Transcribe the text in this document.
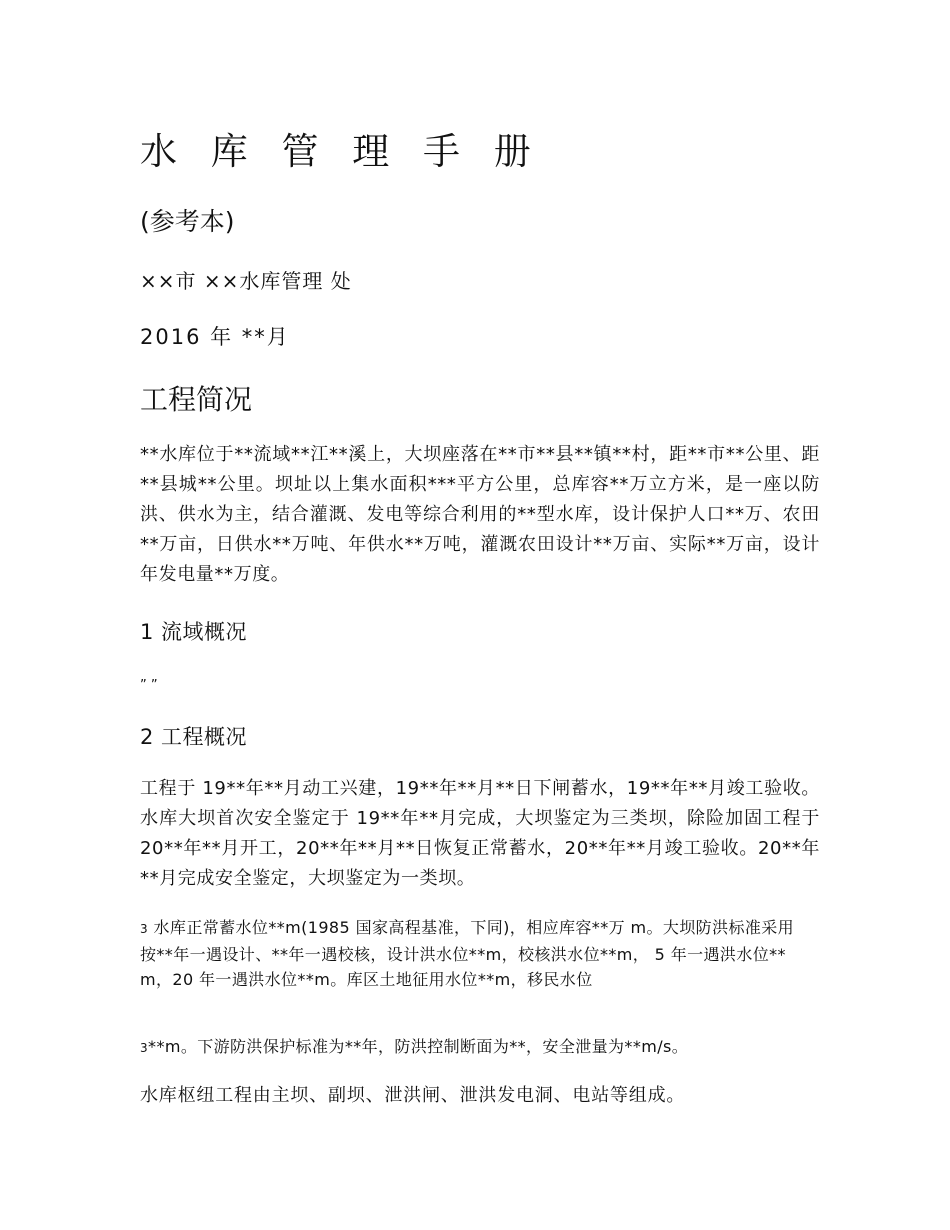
水 库 管 理 手 册
(参考本)
××市 ××水库管理 处
2016 年 **月
工程简况
**水库位于**流域**江**溪上，大坝座落在**市**县**镇**村，距**市**公里、距**县城**公里。坝址以上集水面积***平方公里，总库容**万立方米，是一座以防洪、供水为主，结合灌溉、发电等综合利用的**型水库，设计保护人口**万、农田**万亩，日供水**万吨、年供水**万吨，灌溉农田设计**万亩、实际**万亩，设计年发电量**万度。
1 流域概况
” ”
2 工程概况
工程于 19**年**月动工兴建，19**年**月**日下闸蓄水，19**年**月竣工验收。水库大坝首次安全鉴定于 19**年**月完成，大坝鉴定为三类坝，除险加固工程于 20**年**月开工，20**年**月**日恢复正常蓄水，20**年**月竣工验收。20**年**月完成安全鉴定，大坝鉴定为一类坝。
3 水库正常蓄水位**m(1985 国家高程基准，下同)，相应库容**万 m。大坝防洪标准采用按**年一遇设计、**年一遇校核，设计洪水位**m，校核洪水位**m， 5 年一遇洪水位**m，20 年一遇洪水位**m。库区土地征用水位**m，移民水位
3**m。下游防洪保护标准为**年，防洪控制断面为**，安全泄量为**m/s。
水库枢纽工程由主坝、副坝、泄洪闸、泄洪发电洞、电站等组成。
